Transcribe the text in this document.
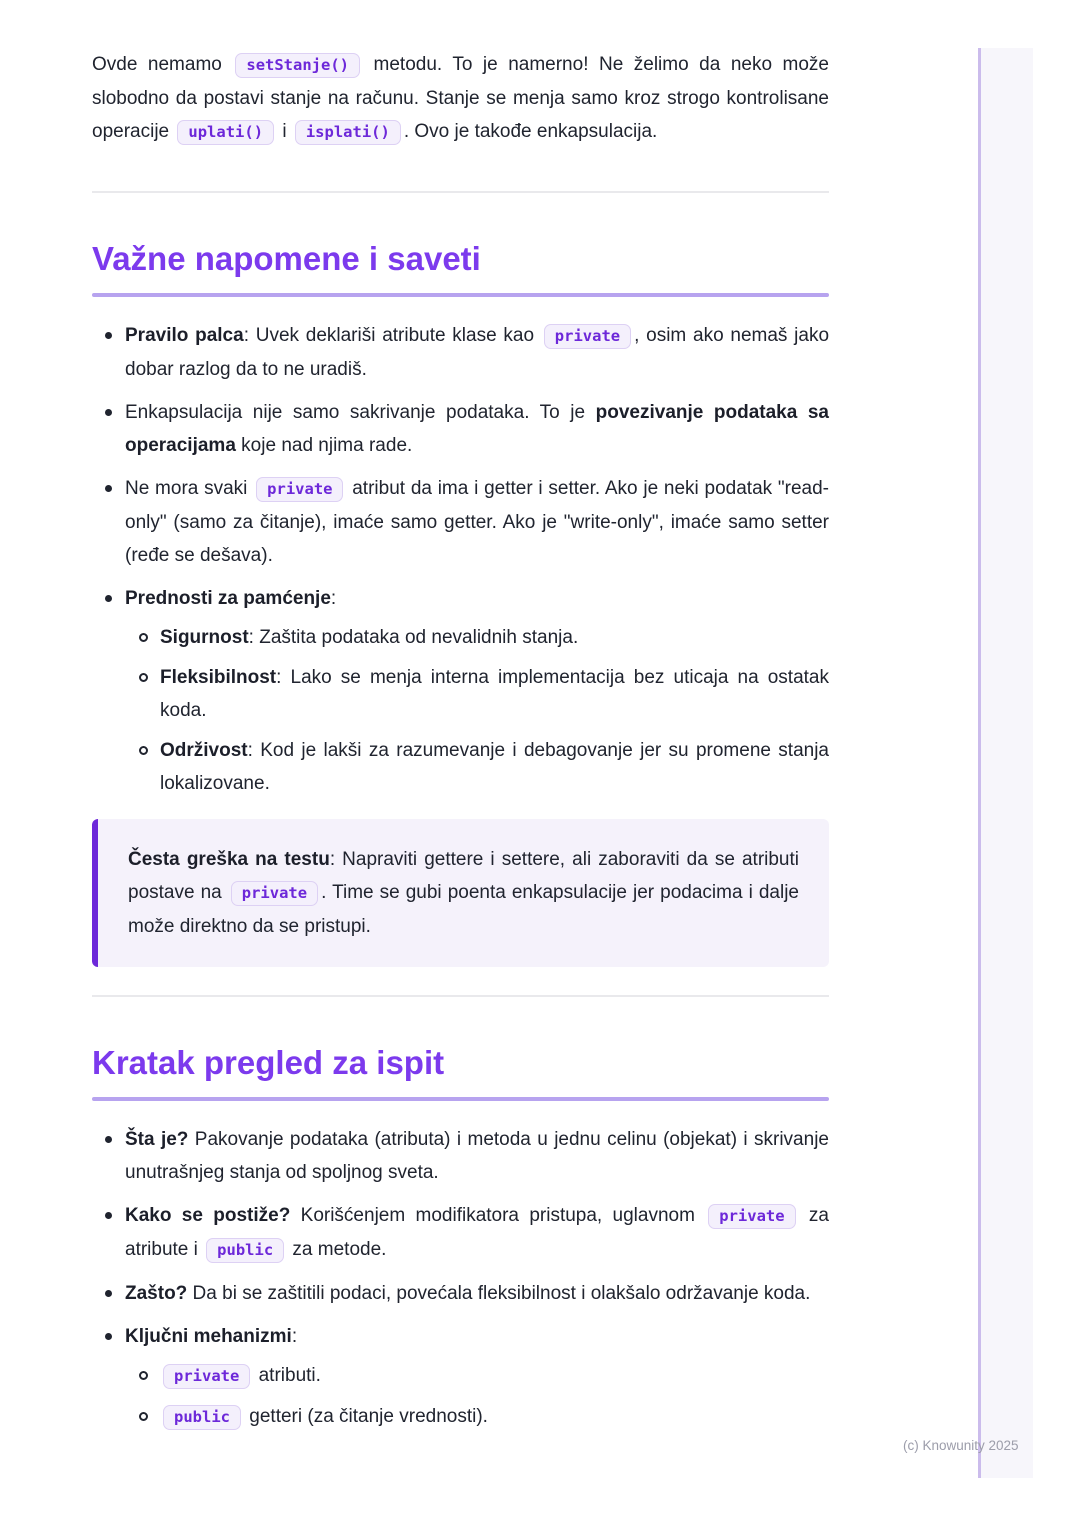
Ovde nemamo setStanje() metodu. To je namerno! Ne želimo da neko može slobodno da postavi stanje na računu. Stanje se menja samo kroz strogo kontrolisane operacije uplati() i isplati() . Ovo je takođe enkapsulacija.

Važne napomene i saveti

Pravilo palca: Uvek deklariši atribute klase kao private , osim ako nemaš jako dobar razlog da to ne uradiš.

Enkapsulacija nije samo sakrivanje podataka. To je povezivanje podataka sa operacijama koje nad njima rade.

Ne mora svaki private atribut da ima i getter i setter. Ako je neki podatak "read-only" (samo za čitanje), imaće samo getter. Ako je "write-only", imaće samo setter (ređe se dešava).

Prednosti za pamćenje:

Sigurnost: Zaštita podataka od nevalidnih stanja.

Fleksibilnost: Lako se menja interna implementacija bez uticaja na ostatak koda.

Održivost: Kod je lakši za razumevanje i debagovanje jer su promene stanja lokalizovane.

Česta greška na testu: Napraviti gettere i settere, ali zaboraviti da se atributi postave na private . Time se gubi poenta enkapsulacije jer podacima i dalje može direktno da se pristupi.

Kratak pregled za ispit

Šta je? Pakovanje podataka (atributa) i metoda u jednu celinu (objekat) i skrivanje unutrašnjeg stanja od spoljnog sveta.

Kako se postiže? Korišćenjem modifikatora pristupa, uglavnom private za atribute i public za metode.

Zašto? Da bi se zaštitili podaci, povećala fleksibilnost i olakšalo održavanje koda.

Ključni mehanizmi:

private atributi.

public getteri (za čitanje vrednosti).

(c) Knowunity 2025
